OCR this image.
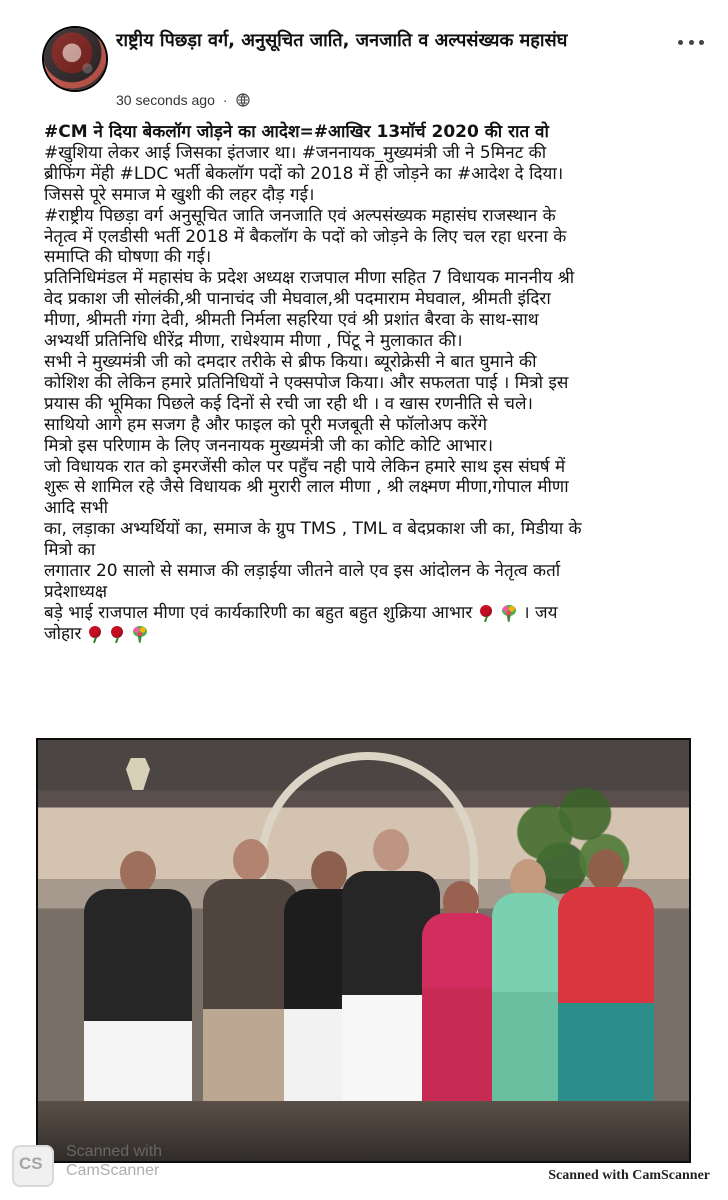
राष्ट्रीय पिछड़ा वर्ग, अनुसूचित जाति, जनजाति व अल्पसंख्यक महासंघ
30 seconds ago ·

#CM ने दिया बेकलॉग जोड़ने का आदेश=#आखिर 13मॉर्च 2020 की रात वो

#खुशिया लेकर आई जिसका इंतजार था। #जननायक_मुख्यमंत्री जी ने 5मिनट की

ब्रीफिंग मेंही #LDC भर्ती बेकलॉग पदों को 2018 में ही जोड़ने का #आदेश दे दिया।

जिससे पूरे समाज मे खुशी की लहर दौड़ गई।

#राष्ट्रीय पिछड़ा वर्ग अनुसूचित जाति जनजाति एवं अल्पसंख्यक महासंघ राजस्थान के

नेतृत्व में एलडीसी भर्ती 2018 में बैकलॉग के पदों को जोड़ने के लिए चल रहा धरना के

समाप्ति की घोषणा की गई।

प्रतिनिधिमंडल में महासंघ के प्रदेश अध्यक्ष राजपाल मीणा सहित 7 विधायक माननीय श्री

वेद प्रकाश जी सोलंकी,श्री पानाचंद जी मेघवाल,श्री पदमाराम मेघवाल, श्रीमती इंदिरा

मीणा, श्रीमती गंगा देवी, श्रीमती निर्मला सहरिया एवं श्री प्रशांत बैरवा के साथ-साथ

अभ्यर्थी प्रतिनिधि धीरेंद्र मीणा, राधेश्याम मीणा , पिंटू ने मुलाकात की।

सभी ने मुख्यमंत्री जी को दमदार तरीके से ब्रीफ किया। ब्यूरोक्रेसी ने बात घुमाने की

कोशिश की लेकिन हमारे प्रतिनिधियों ने एक्सपोज किया। और सफलता पाई । मित्रो इस

प्रयास की भूमिका पिछले कई दिनों से रची जा रही थी । व खास रणनीति से चले।

साथियो आगे हम सजग है और फाइल को पूरी मजबूती से फॉलोअप करेंगे

मित्रो इस परिणाम के लिए जननायक मुख्यमंत्री जी का कोटि कोटि आभार।

जो विधायक रात को इमरजेंसी कोल पर पहुँच नही पाये लेकिन हमारे साथ इस संघर्ष में

शुरू से शामिल रहे जैसे विधायक श्री मुरारी लाल मीणा , श्री लक्ष्मण मीणा,गोपाल मीणा

आदि सभी

का, लड़ाका अभ्यर्थियों का, समाज के ग्रुप TMS , TML व बेदप्रकाश जी का, मिडीया के

मित्रो का

लगातार 20 सालो से समाज की लड़ाईया जीतने वाले एव इस आंदोलन के नेतृत्व कर्ता

प्रदेशाध्यक्ष

बड़े भाई राजपाल मीणा एवं कार्यकारिणी का बहुत बहुत शुक्रिया आभार	। जय

जोहार

CS
Scanned with
CamScanner	Scanned with CamScanner
